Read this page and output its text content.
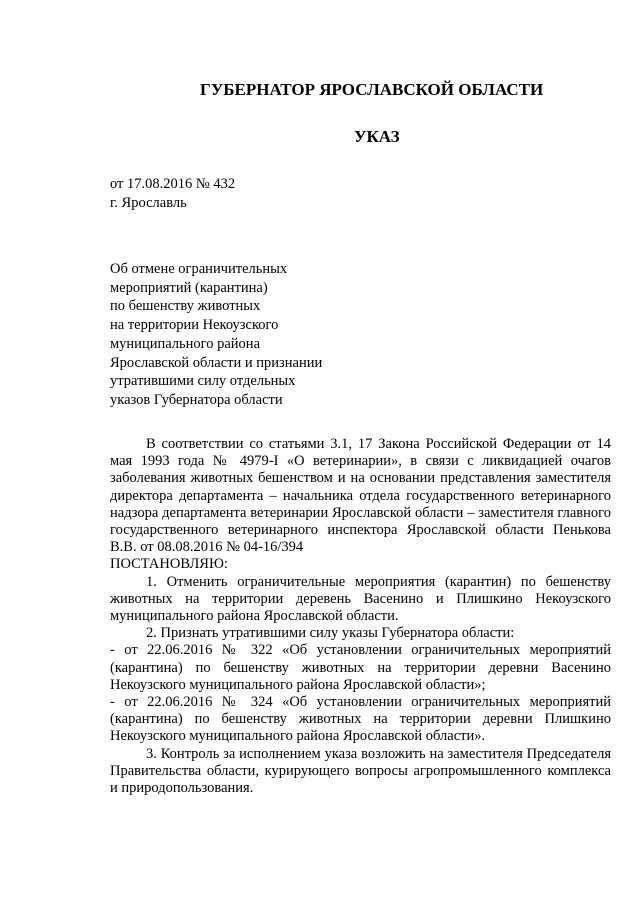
ГУБЕРНАТОР ЯРОСЛАВСКОЙ ОБЛАСТИ
УКАЗ
от 17.08.2016 № 432
г. Ярославль
Об отмене ограничительных
мероприятий (карантина)
по бешенству животных
на территории Некоузского
муниципального района
Ярославской области и признании
утратившими силу отдельных
указов Губернатора области

В соответствии со статьями 3.1, 17 Закона Российской Федерации от 14 мая 1993 года № 4979-I «О ветеринарии», в связи с ликвидацией очагов заболевания животных бешенством и на основании представления заместителя директора департамента – начальника отдела государственного ветеринарного надзора департамента ветеринарии Ярославской области – заместителя главного государственного ветеринарного инспектора Ярославской области Пенькова В.В. от 08.08.2016 № 04-16/394

ПОСТАНОВЛЯЮ:

1. Отменить ограничительные мероприятия (карантин) по бешенству животных на территории деревень Васенино и Плишкино Некоузского муниципального района Ярославской области.

2. Признать утратившими силу указы Губернатора области:

- от 22.06.2016 № 322 «Об установлении ограничительных мероприятий (карантина) по бешенству животных на территории деревни Васенино Некоузского муниципального района Ярославской области»;

- от 22.06.2016 № 324 «Об установлении ограничительных мероприятий (карантина) по бешенству животных на территории деревни Плишкино Некоузского муниципального района Ярославской области».

3. Контроль за исполнением указа возложить на заместителя Председателя Правительства области, курирующего вопросы агропромышленного комплекса и природопользования.
